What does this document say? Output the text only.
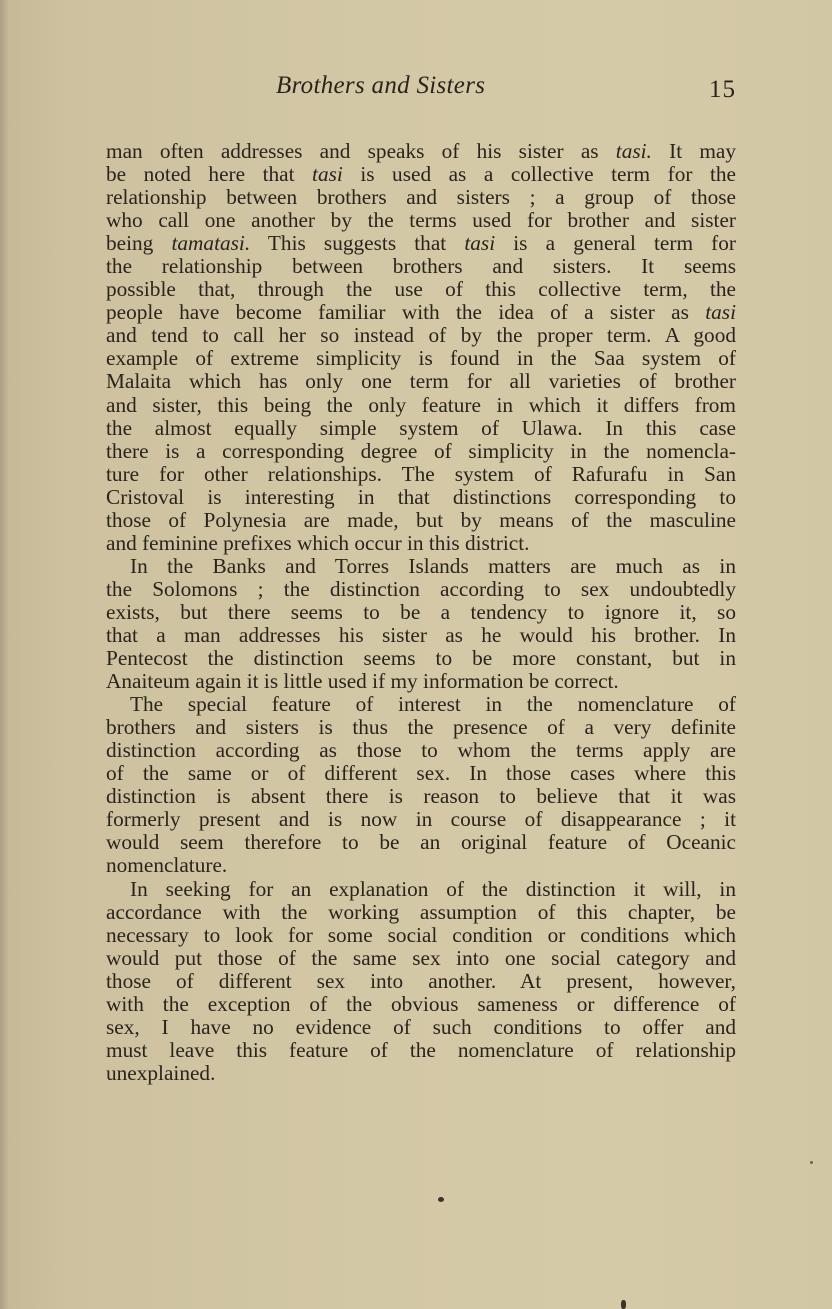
Brothers and Sisters	15
man often addresses and speaks of his sister as tasi. It may
be noted here that tasi is used as a collective term for the
relationship between brothers and sisters ; a group of those
who call one another by the terms used for brother and sister
being tamatasi. This suggests that tasi is a general term for
the relationship between brothers and sisters. It seems
possible that, through the use of this collective term, the
people have become familiar with the idea of a sister as tasi
and tend to call her so instead of by the proper term. A good
example of extreme simplicity is found in the Saa system of
Malaita which has only one term for all varieties of brother
and sister, this being the only feature in which it differs from
the almost equally simple system of Ulawa. In this case
there is a corresponding degree of simplicity in the nomencla-
ture for other relationships. The system of Rafurafu in San
Cristoval is interesting in that distinctions corresponding to
those of Polynesia are made, but by means of the masculine
and feminine prefixes which occur in this district.
In the Banks and Torres Islands matters are much as in
the Solomons ; the distinction according to sex undoubtedly
exists, but there seems to be a tendency to ignore it, so
that a man addresses his sister as he would his brother. In
Pentecost the distinction seems to be more constant, but in
Anaiteum again it is little used if my information be correct.
The special feature of interest in the nomenclature of
brothers and sisters is thus the presence of a very definite
distinction according as those to whom the terms apply are
of the same or of different sex. In those cases where this
distinction is absent there is reason to believe that it was
formerly present and is now in course of disappearance ; it
would seem therefore to be an original feature of Oceanic
nomenclature.
In seeking for an explanation of the distinction it will, in
accordance with the working assumption of this chapter, be
necessary to look for some social condition or conditions which
would put those of the same sex into one social category and
those of different sex into another. At present, however,
with the exception of the obvious sameness or difference of
sex, I have no evidence of such conditions to offer and
must leave this feature of the nomenclature of relationship
unexplained.
